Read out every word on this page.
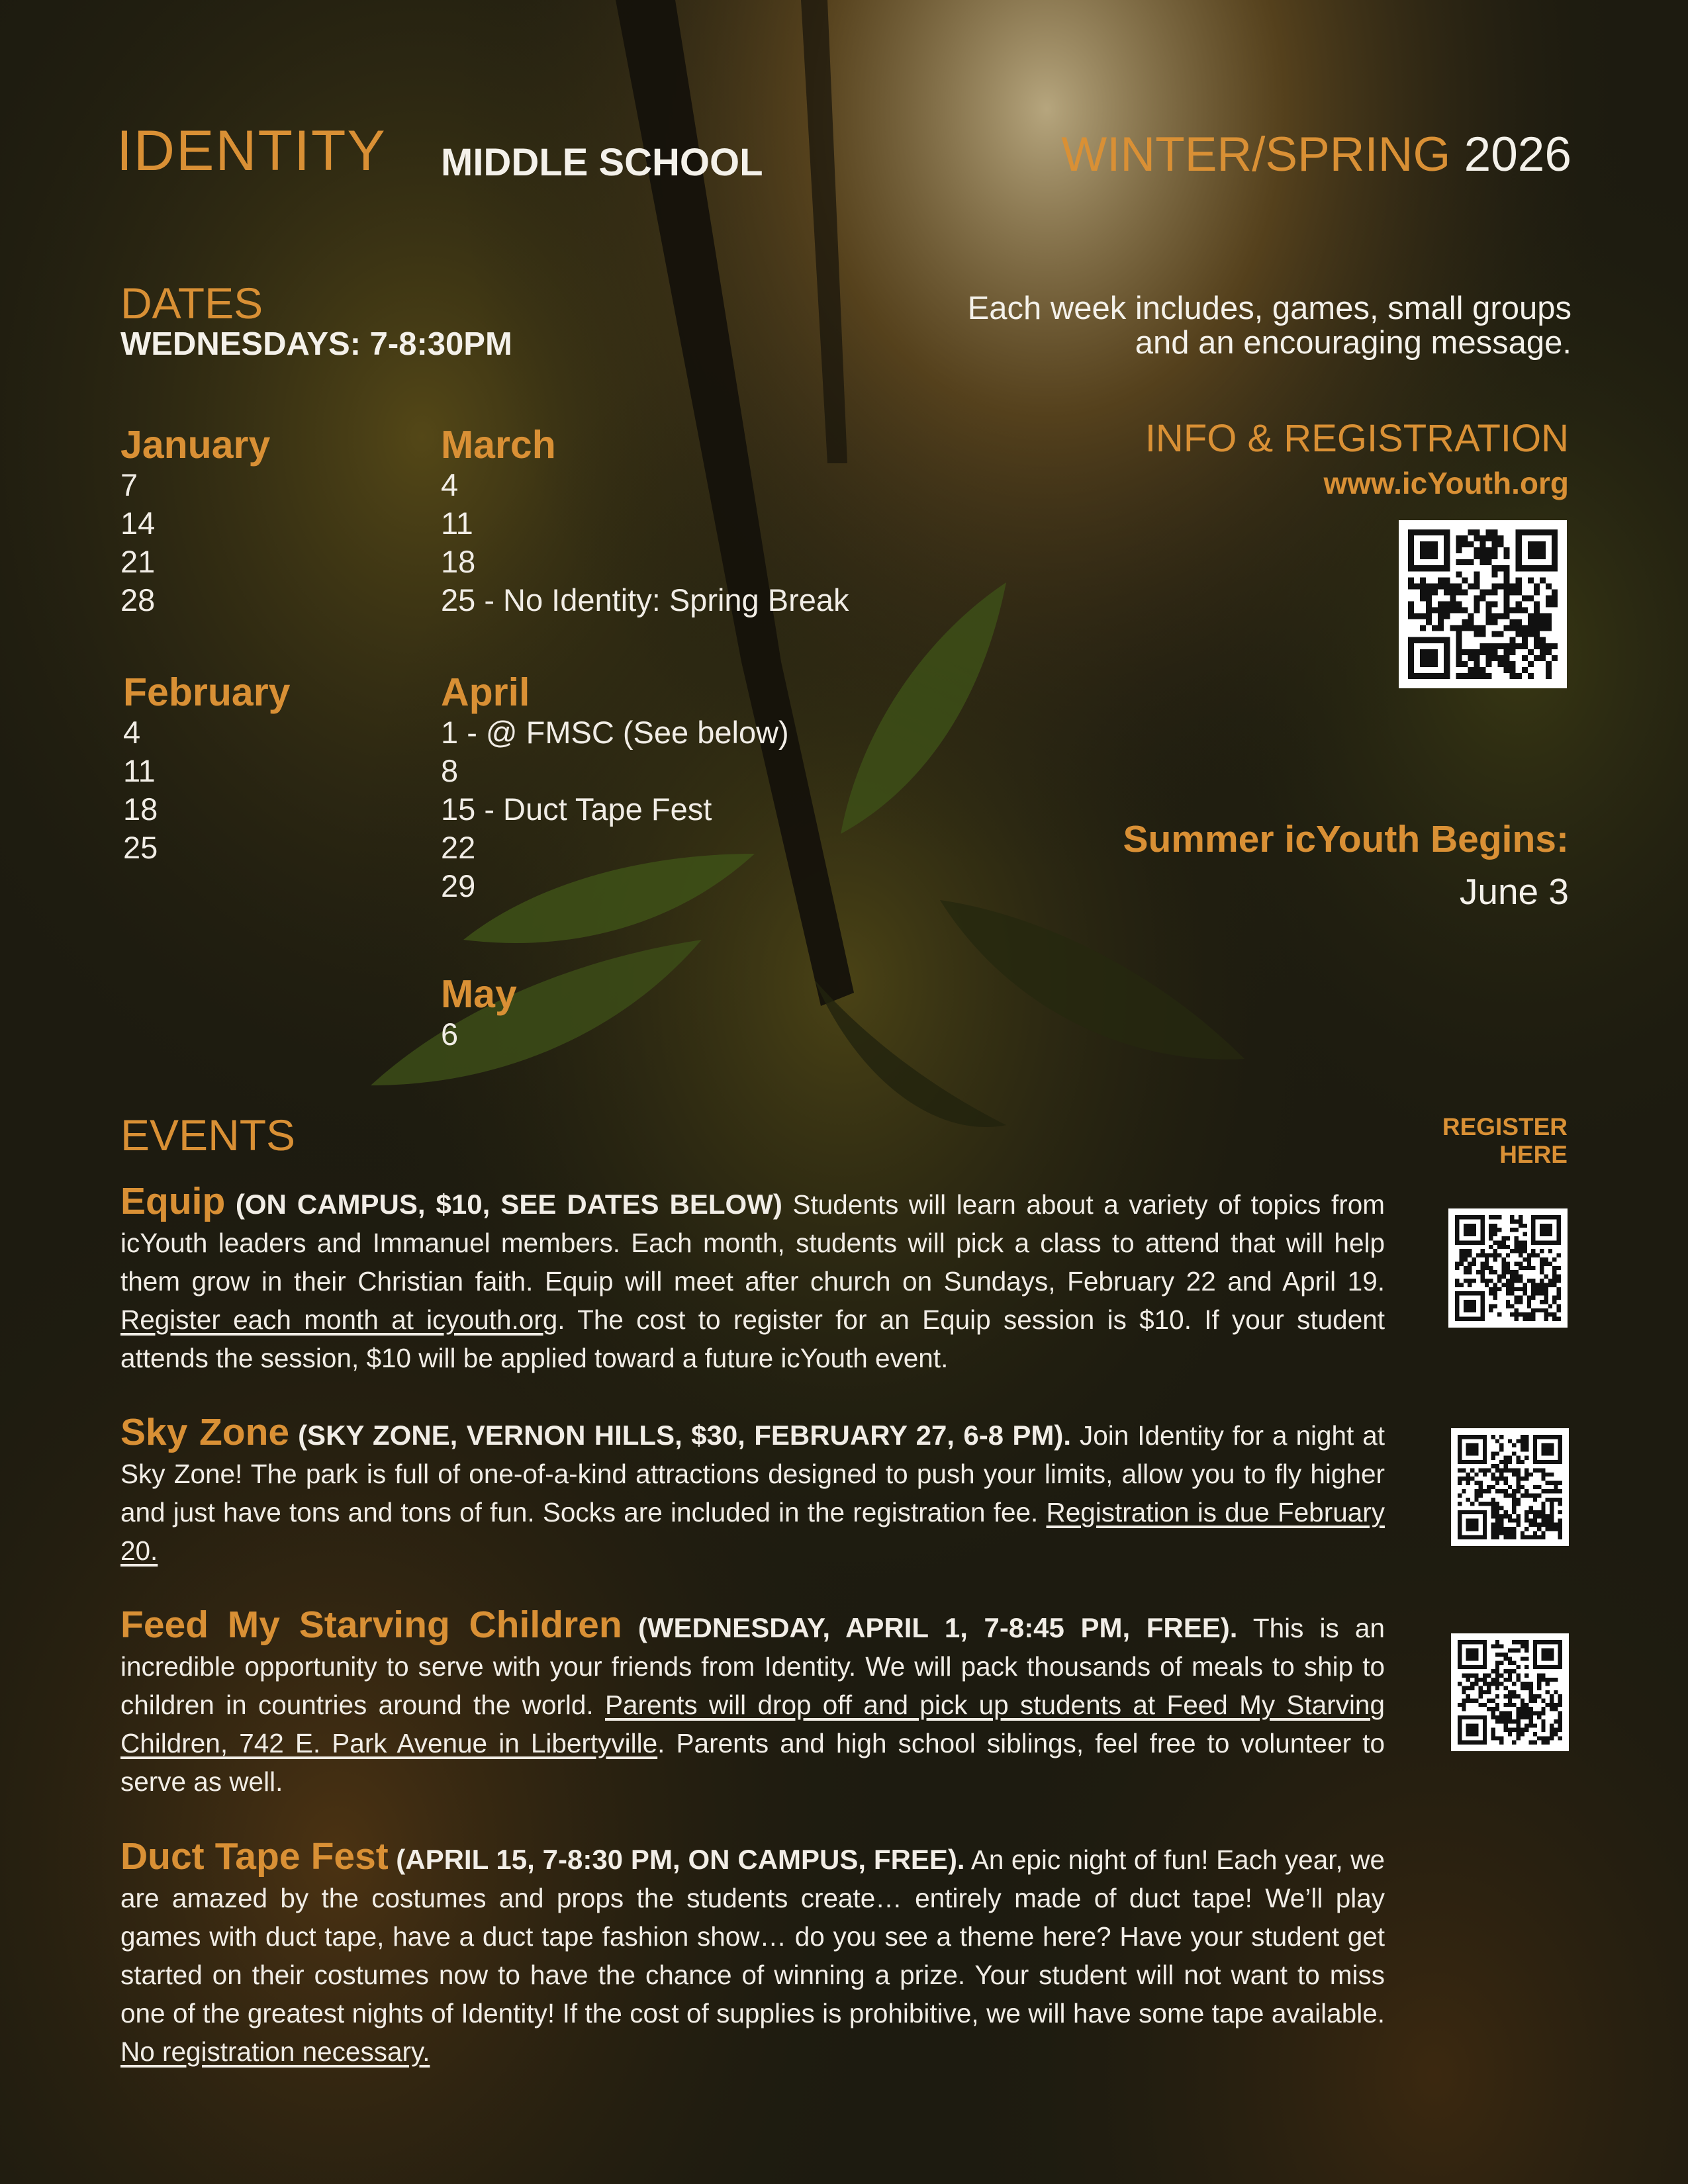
IDENTITY MIDDLE SCHOOL	WINTER/SPRING 2026
DATES
WEDNESDAYS: 7-8:30PM
January
7
14
21
28
February
4
11
18
25
March
4
11
18
25 - No Identity: Spring Break
April
1 - @ FMSC (See below)
8
15 - Duct Tape Fest
22
29
May
6
Each week includes, games, small groups and an encouraging message.
INFO & REGISTRATION
www.icYouth.org
Summer icYouth Begins:
June 3
EVENTS	REGISTER HERE
Equip (ON CAMPUS, $10, SEE DATES BELOW) Students will learn about a variety of topics from icYouth leaders and Immanuel members. Each month, students will pick a class to attend that will help them grow in their Christian faith. Equip will meet after church on Sundays, February 22 and April 19. Register each month at icyouth.org. The cost to register for an Equip session is $10. If your student attends the session, $10 will be applied toward a future icYouth event.
Sky Zone (SKY ZONE, VERNON HILLS, $30, FEBRUARY 27, 6-8 PM). Join Identity for a night at Sky Zone! The park is full of one-of-a-kind attractions designed to push your limits, allow you to fly higher and just have tons and tons of fun. Socks are included in the registration fee. Registration is due February 20.
Feed My Starving Children (WEDNESDAY, APRIL 1, 7-8:45 PM, FREE). This is an incredible opportunity to serve with your friends from Identity. We will pack thousands of meals to ship to children in countries around the world. Parents will drop off and pick up students at Feed My Starving Children, 742 E. Park Avenue in Libertyville. Parents and high school siblings, feel free to volunteer to serve as well.
Duct Tape Fest (APRIL 15, 7-8:30 PM, ON CAMPUS, FREE). An epic night of fun! Each year, we are amazed by the costumes and props the students create… entirely made of duct tape! We’ll play games with duct tape, have a duct tape fashion show… do you see a theme here? Have your student get started on their costumes now to have the chance of winning a prize. Your student will not want to miss one of the greatest nights of Identity! If the cost of supplies is prohibitive, we will have some tape available. No registration necessary.
